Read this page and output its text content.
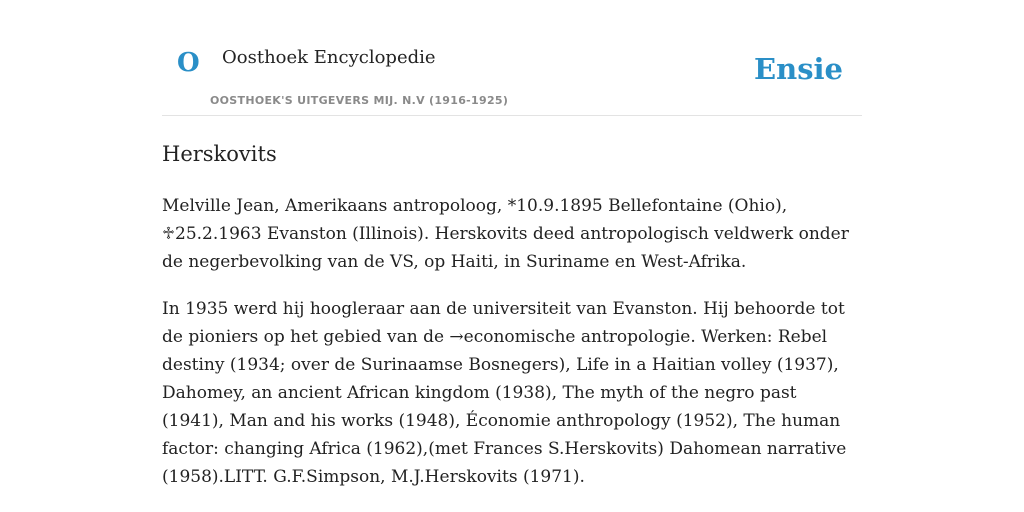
O Oosthoek Encyclopedie
OOSTHOEK'S UITGEVERS MIJ. N.V (1916-1925)
Ensie
Herskovits

Melville Jean, Amerikaans antropoloog, *10.9.1895 Bellefontaine (Ohio), ♱25.2.1963 Evanston (Illinois). Herskovits deed antropologisch veldwerk onder de negerbevolking van de VS, op Haiti, in Suriname en West-Afrika.

In 1935 werd hij hoogleraar aan de universiteit van Evanston. Hij behoorde tot de pioniers op het gebied van de →economische antropologie. Werken: Rebel destiny (1934; over de Surinaamse Bosnegers), Life in a Haitian volley (1937), Dahomey, an ancient African kingdom (1938), The myth of the negro past (1941), Man and his works (1948), Économie anthropology (1952), The human factor: changing Africa (1962),(met Frances S.Herskovits) Dahomean narrative (1958).LITT. G.F.Simpson, M.J.Herskovits (1971).
